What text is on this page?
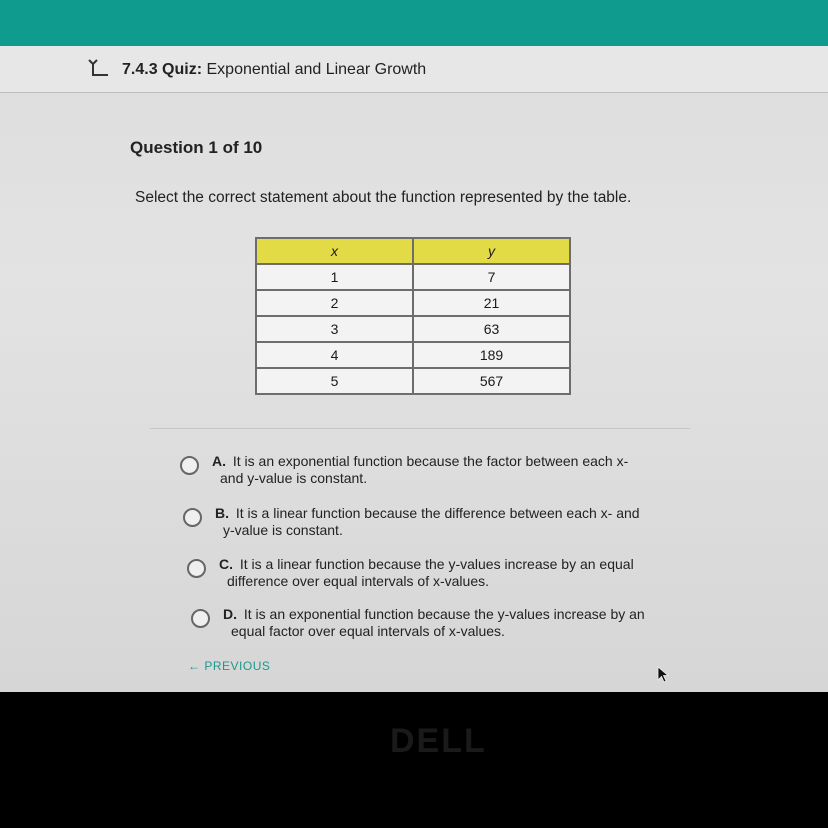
7.4.3 Quiz: Exponential and Linear Growth
Question 1 of 10
Select the correct statement about the function represented by the table.
x	y
1	7
2	21
3	63
4	189
5	567
A. It is an exponential function because the factor between each x-
and y-value is constant.
B. It is a linear function because the difference between each x- and
y-value is constant.
C. It is a linear function because the y-values increase by an equal
difference over equal intervals of x-values.
D. It is an exponential function because the y-values increase by an
equal factor over equal intervals of x-values.
← PREVIOUS
DELL
